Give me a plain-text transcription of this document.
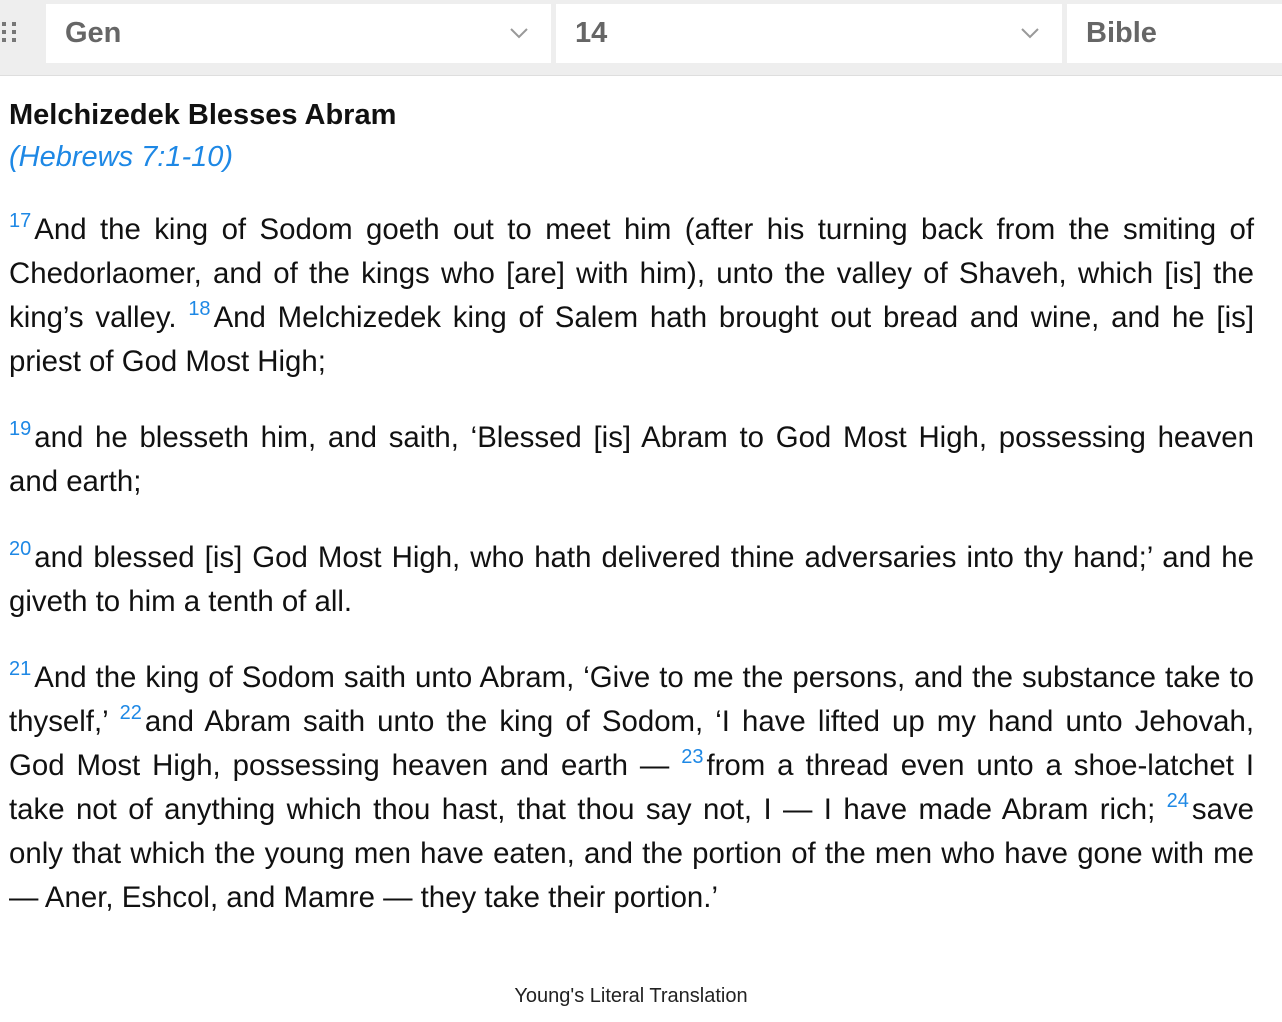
Gen	14	Bible
Melchizedek Blesses Abram

(Hebrews 7:1-10)

$^{17}$ And the king of Sodom goeth out to meet him (after his turning back from the smiting of Chedorlaomer, and of the kings who [are] with him), unto the valley of Shaveh, which [is] the king’s valley. $^{18}$ And Melchizedek king of Salem hath brought out bread and wine, and he [is] priest of God Most High;

$^{19}$ and he blesseth him, and saith, ‘Blessed [is] Abram to God Most High, possessing heaven and earth;

$^{20}$ and blessed [is] God Most High, who hath delivered thine adversaries into thy hand;’ and he giveth to him a tenth of all.

$^{21}$ And the king of Sodom saith unto Abram, ‘Give to me the persons, and the substance take to thyself,’ $^{22}$ and Abram saith unto the king of Sodom, ‘I have lifted up my hand unto Jehovah, God Most High, possessing heaven and earth — $^{23}$ from a thread even unto a shoe-latchet I take not of anything which thou hast, that thou say not, I — I have made Abram rich; $^{24}$ save only that which the young men have eaten, and the portion of the men who have gone with me — Aner, Eshcol, and Mamre — they take their portion.’

Young's Literal Translation
